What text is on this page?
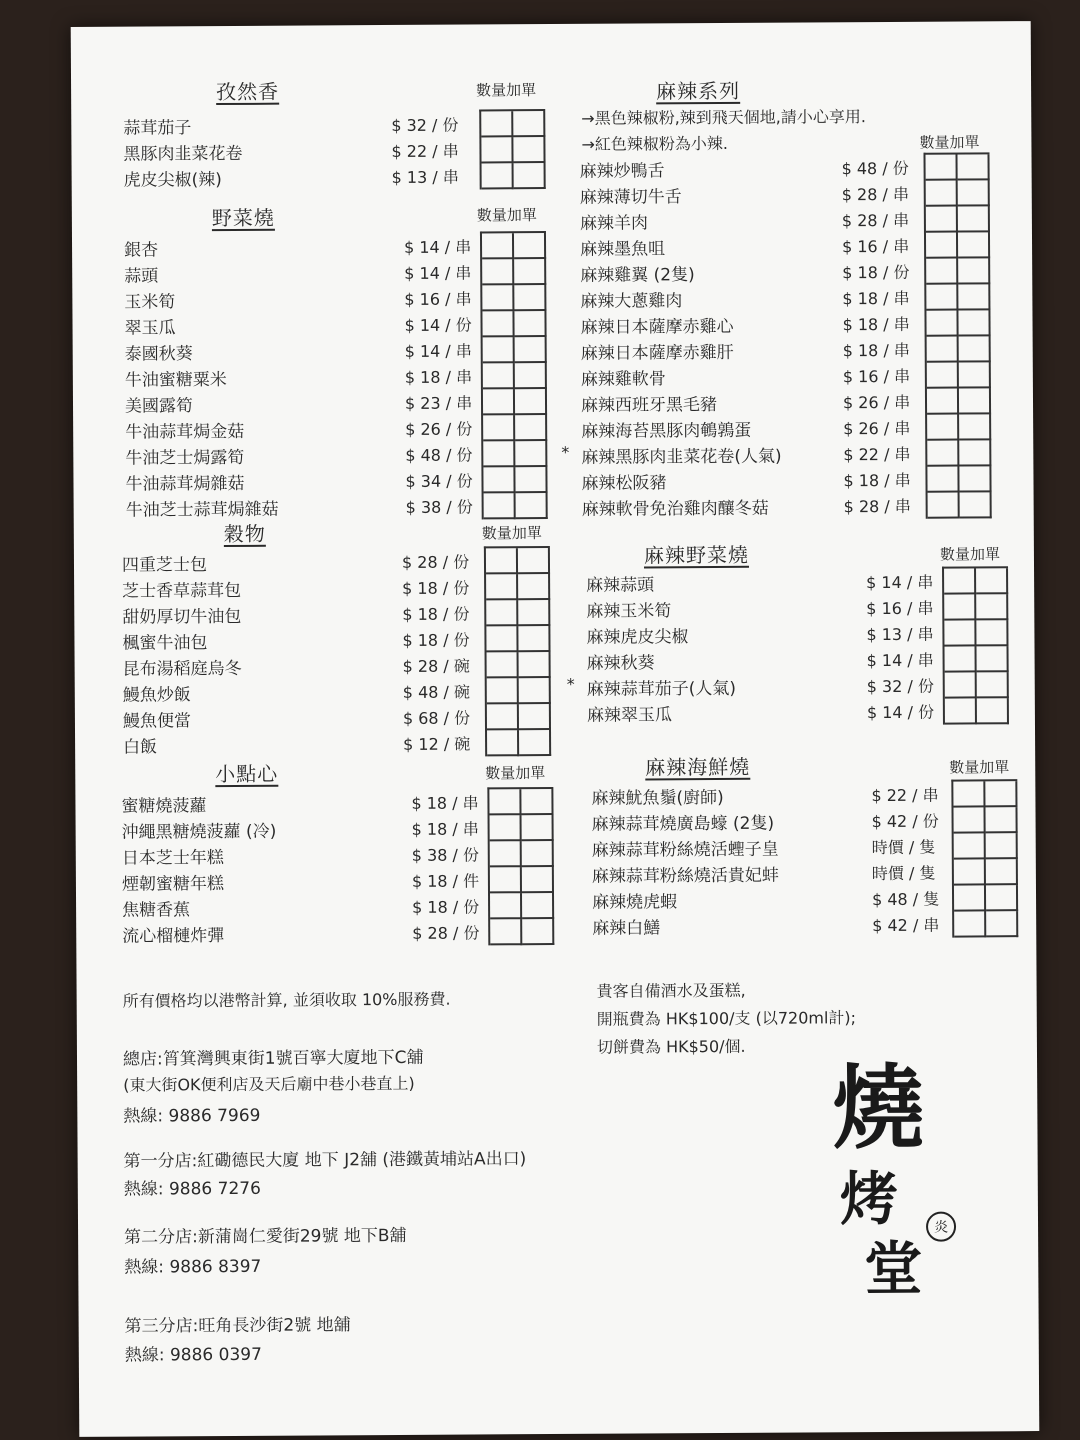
孜然香	數量加單
蒜茸茄子	$ 32 / 份
黑豚肉韭菜花卷	$ 22 / 串
虎皮尖椒(辣)	$ 13 / 串
野菜燒	數量加單
銀杏	$ 14 / 串
蒜頭	$ 14 / 串
玉米筍	$ 16 / 串
翠玉瓜	$ 14 / 份
泰國秋葵	$ 14 / 串
牛油蜜糖粟米	$ 18 / 串
美國露筍	$ 23 / 串
牛油蒜茸焗金菇	$ 26 / 份
牛油芝士焗露筍	$ 48 / 份
牛油蒜茸焗雜菇	$ 34 / 份
牛油芝士蒜茸焗雜菇	$ 38 / 份
穀物	數量加單
四重芝士包	$ 28 / 份
芝士香草蒜茸包	$ 18 / 份
甜奶厚切牛油包	$ 18 / 份
楓蜜牛油包	$ 18 / 份
昆布湯稻庭烏冬	$ 28 / 碗
鰻魚炒飯	$ 48 / 碗
鰻魚便當	$ 68 / 份
白飯	$ 12 / 碗
小點心	數量加單
蜜糖燒菠蘿	$ 18 / 串
沖繩黑糖燒菠蘿 (冷)	$ 18 / 串
日本芝士年糕	$ 38 / 份
煙韌蜜糖年糕	$ 18 / 件
焦糖香蕉	$ 18 / 份
流心榴槤炸彈	$ 28 / 份
麻辣系列
數量加單
→黑色辣椒粉,辣到飛天個地,請小心享用.
→紅色辣椒粉為小辣.
麻辣炒鴨舌	$ 48 / 份
麻辣薄切牛舌	$ 28 / 串
麻辣羊肉	$ 28 / 串
麻辣墨魚咀	$ 16 / 串
麻辣雞翼 (2隻)	$ 18 / 份
麻辣大蔥雞肉	$ 18 / 串
麻辣日本薩摩赤雞心	$ 18 / 串
麻辣日本薩摩赤雞肝	$ 18 / 串
麻辣雞軟骨	$ 16 / 串
麻辣西班牙黑毛豬	$ 26 / 串
麻辣海苔黑豚肉鵪鶉蛋	$ 26 / 串
* 麻辣黑豚肉韭菜花卷(人氣)	$ 22 / 串
麻辣松阪豬	$ 18 / 串
麻辣軟骨免治雞肉釀冬菇	$ 28 / 串
麻辣野菜燒	數量加單
麻辣蒜頭	$ 14 / 串
麻辣玉米筍	$ 16 / 串
麻辣虎皮尖椒	$ 13 / 串
麻辣秋葵	$ 14 / 串
* 麻辣蒜茸茄子(人氣)	$ 32 / 份
麻辣翠玉瓜	$ 14 / 份
麻辣海鮮燒	數量加單
麻辣魷魚鬚(廚師)	$ 22 / 串
麻辣蒜茸燒廣島蠔 (2隻)	$ 42 / 份
麻辣蒜茸粉絲燒活蟶子皇	時價 / 隻
麻辣蒜茸粉絲燒活貴妃蚌	時價 / 隻
麻辣燒虎蝦	$ 48 / 隻
麻辣白鱔	$ 42 / 串
所有價格均以港幣計算, 並須收取 10%服務費.	貴客自備酒水及蛋糕,
開瓶費為 HK$100/支 (以720ml計);
切餅費為 HK$50/個.
總店:筲箕灣興東街1號百寧大廈地下C舖
(東大街OK便利店及天后廟中巷小巷直上)
熱線: 9886 7969
第一分店:紅磡德民大廈 地下 J2舖 (港鐵黃埔站A出口)
熱線: 9886 7276
第二分店:新蒲崗仁愛街29號 地下B舖
熱線: 9886 8397
第三分店:旺角長沙街2號 地舖
熱線: 9886 0397
燒
烤
堂
炎
